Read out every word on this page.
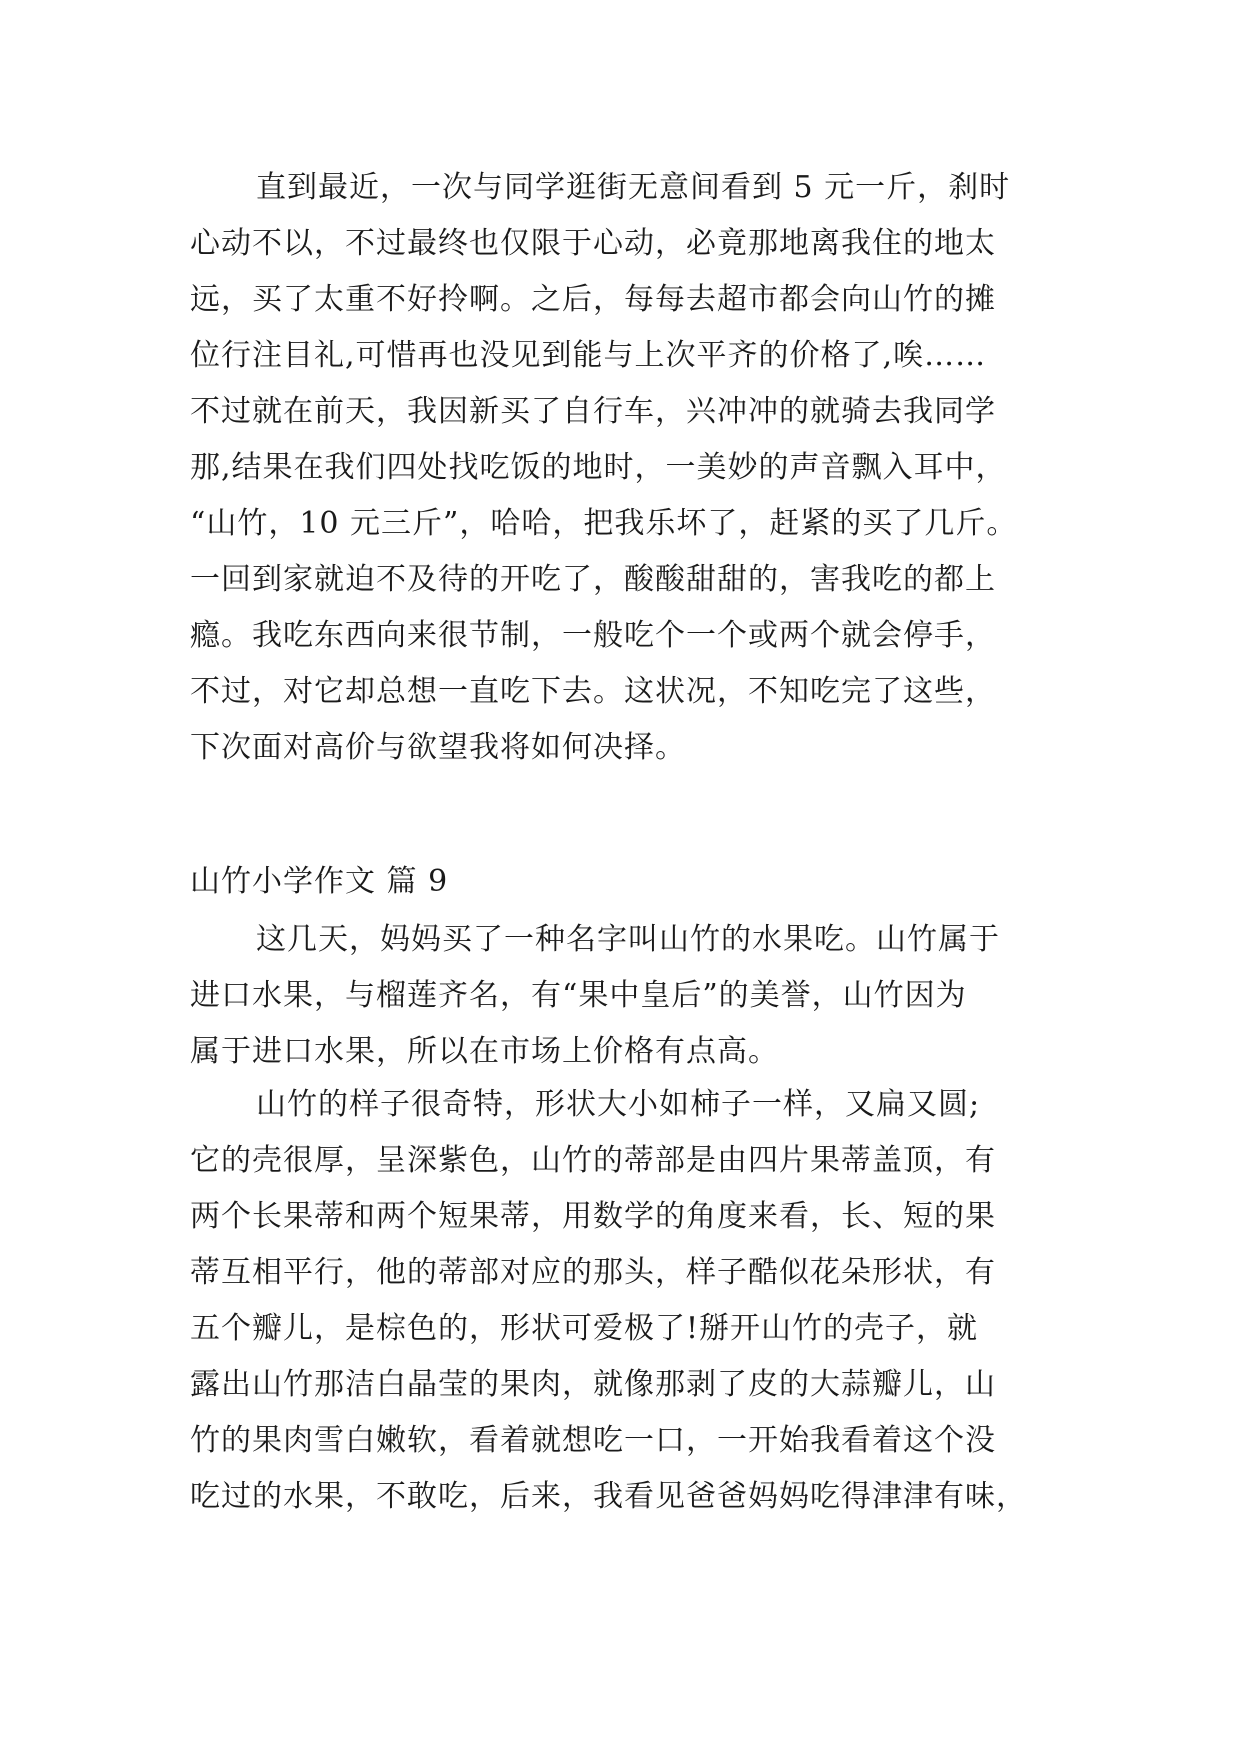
直到最近，一次与同学逛街无意间看到 5 元一斤，刹时
心动不以，不过最终也仅限于心动，必竟那地离我住的地太
远，买了太重不好拎啊。之后，每每去超市都会向山竹的摊
位行注目礼,可惜再也没见到能与上次平齐的价格了,唉……
不过就在前天，我因新买了自行车，兴冲冲的就骑去我同学
那,结果在我们四处找吃饭的地时，一美妙的声音飘入耳中，
“山竹，10 元三斤”，哈哈，把我乐坏了，赶紧的买了几斤。
一回到家就迫不及待的开吃了，酸酸甜甜的，害我吃的都上
瘾。我吃东西向来很节制，一般吃个一个或两个就会停手，
不过，对它却总想一直吃下去。这状况，不知吃完了这些，
下次面对高价与欲望我将如何决择。
山竹小学作文 篇 9
这几天，妈妈买了一种名字叫山竹的水果吃。山竹属于
进口水果，与榴莲齐名，有“果中皇后”的美誉，山竹因为
属于进口水果，所以在市场上价格有点高。
山竹的样子很奇特，形状大小如柿子一样，又扁又圆;
它的壳很厚，呈深紫色，山竹的蒂部是由四片果蒂盖顶，有
两个长果蒂和两个短果蒂，用数学的角度来看，长、短的果
蒂互相平行，他的蒂部对应的那头，样子酷似花朵形状，有
五个瓣儿，是棕色的，形状可爱极了!掰开山竹的壳子，就
露出山竹那洁白晶莹的果肉，就像那剥了皮的大蒜瓣儿，山
竹的果肉雪白嫩软，看着就想吃一口，一开始我看着这个没
吃过的水果，不敢吃，后来，我看见爸爸妈妈吃得津津有味，
